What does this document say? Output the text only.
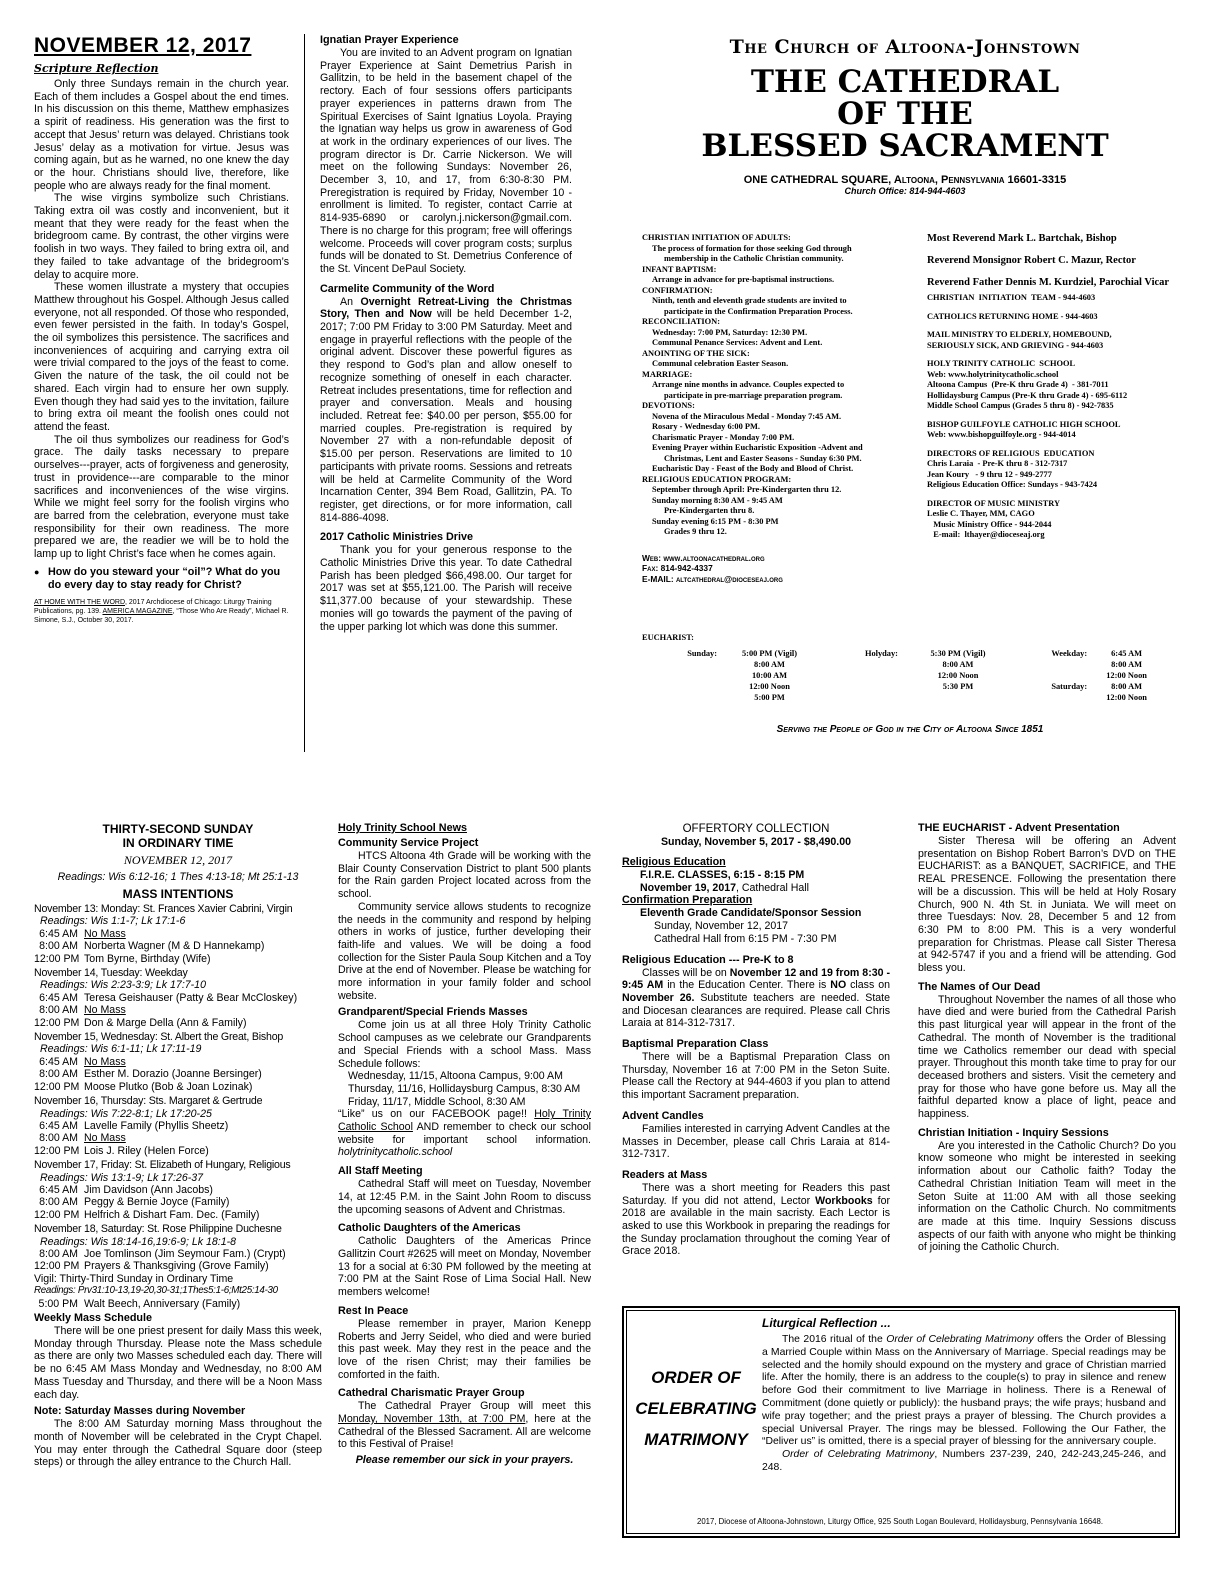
NOVEMBER 12, 2017
Scripture Reflection

Only three Sundays remain in the church year. Each of them includes a Gospel about the end times. In his discussion on this theme, Matthew emphasizes a spirit of readiness. His generation was the first to accept that Jesus’ return was delayed. Christians took Jesus’ delay as a motivation for virtue. Jesus was coming again, but as he warned, no one knew the day or the hour. Christians should live, therefore, like people who are always ready for the final moment.

The wise virgins symbolize such Christians. Taking extra oil was costly and inconvenient, but it meant that they were ready for the feast when the bridegroom came. By contrast, the other virgins were foolish in two ways. They failed to bring extra oil, and they failed to take advantage of the bridegroom’s delay to acquire more.

These women illustrate a mystery that occupies Matthew throughout his Gospel. Although Jesus called everyone, not all responded. Of those who responded, even fewer persisted in the faith. In today’s Gospel, the oil symbolizes this persistence. The sacrifices and inconveniences of acquiring and carrying extra oil were trivial compared to the joys of the feast to come. Given the nature of the task, the oil could not be shared. Each virgin had to ensure her own supply. Even though they had said yes to the invitation, failure to bring extra oil meant the foolish ones could not attend the feast.

The oil thus symbolizes our readiness for God’s grace. The daily tasks necessary to prepare ourselves---prayer, acts of forgiveness and generosity, trust in providence---are comparable to the minor sacrifices and inconveniences of the wise virgins. While we might feel sorry for the foolish virgins who are barred from the celebration, everyone must take responsibility for their own readiness. The more prepared we are, the readier we will be to hold the lamp up to light Christ’s face when he comes again.

● How do you steward your “oil”? What do you do every day to stay ready for Christ?
AT HOME WITH THE WORD, 2017 Archdiocese of Chicago: Liturgy Training Publications, pg. 139. AMERICA MAGAZINE, “Those Who Are Ready”, Michael R. Simone, S.J., October 30, 2017.
Ignatian Prayer Experience

You are invited to an Advent program on Ignatian Prayer Experience at Saint Demetrius Parish in Gallitzin, to be held in the basement chapel of the rectory. Each of four sessions offers participants prayer experiences in patterns drawn from The Spiritual Exercises of Saint Ignatius Loyola. Praying the Ignatian way helps us grow in awareness of God at work in the ordinary experiences of our lives. The program director is Dr. Carrie Nickerson. We will meet on the following Sundays: November 26, December 3, 10, and 17, from 6:30-8:30 PM. Preregistration is required by Friday, November 10 - enrollment is limited. To register, contact Carrie at 814-935-6890 or carolyn.j.nickerson@gmail.com. There is no charge for this program; free will offerings welcome. Proceeds will cover program costs; surplus funds will be donated to St. Demetrius Conference of the St. Vincent DePaul Society.

Carmelite Community of the Word

An Overnight Retreat-Living the Christmas Story, Then and Now will be held December 1-2, 2017; 7:00 PM Friday to 3:00 PM Saturday. Meet and engage in prayerful reflections with the people of the original advent. Discover these powerful figures as they respond to God’s plan and allow oneself to recognize something of oneself in each character. Retreat includes presentations, time for reflection and prayer and conversation. Meals and housing included. Retreat fee: $40.00 per person, $55.00 for married couples. Pre-registration is required by November 27 with a non-refundable deposit of $15.00 per person. Reservations are limited to 10 participants with private rooms. Sessions and retreats will be held at Carmelite Community of the Word Incarnation Center, 394 Bem Road, Gallitzin, PA. To register, get directions, or for more information, call 814-886-4098.

2017 Catholic Ministries Drive

Thank you for your generous response to the Catholic Ministries Drive this year. To date Cathedral Parish has been pledged $66,498.00. Our target for 2017 was set at $55,121.00. The Parish will receive $11,377.00 because of your stewardship. These monies will go towards the payment of the paving of the upper parking lot which was done this summer.

The Church of Altoona-Johnstown
THE CATHEDRAL
OF THE
BLESSED SACRAMENT
ONE CATHEDRAL SQUARE, Altoona, Pennsylvania 16601-3315
Church Office: 814-944-4603
CHRISTIAN INITIATION OF ADULTS:
The process of formation for those seeking God through
membership in the Catholic Christian community.
INFANT BAPTISM:
Arrange in advance for pre-baptismal instructions.
CONFIRMATION:
Ninth, tenth and eleventh grade students are invited to
participate in the Confirmation Preparation Process.
RECONCILIATION:
Wednesday: 7:00 PM, Saturday: 12:30 PM.
Communal Penance Services: Advent and Lent.
ANOINTING OF THE SICK:
Communal celebration Easter Season.
MARRIAGE:
Arrange nine months in advance. Couples expected to
participate in pre-marriage preparation program.
DEVOTIONS:
Novena of the Miraculous Medal - Monday 7:45 AM.
Rosary - Wednesday 6:00 PM.
Charismatic Prayer - Monday 7:00 PM.
Evening Prayer within Eucharistic Exposition -Advent and
Christmas, Lent and Easter Seasons - Sunday 6:30 PM.
Eucharistic Day - Feast of the Body and Blood of Christ.
RELIGIOUS EDUCATION PROGRAM:
September through April: Pre-Kindergarten thru 12.
Sunday morning 8:30 AM - 9:45 AM
Pre-Kindergarten thru 8.
Sunday evening 6:15 PM - 8:30 PM
Grades 9 thru 12.
Web: www.altoonacathedral.org
Fax: 814-942-4337
E-MAIL: altcathedral@dioceseaj.org
Most Reverend Mark L. Bartchak, Bishop
Reverend Monsignor Robert C. Mazur, Rector
Reverend Father Dennis M. Kurdziel, Parochial Vicar
CHRISTIAN  INITIATION  TEAM - 944-4603
CATHOLICS RETURNING HOME - 944-4603
MAIL MINISTRY TO ELDERLY, HOMEBOUND,
SERIOUSLY SICK, AND GRIEVING - 944-4603
HOLY TRINITY CATHOLIC  SCHOOL
Web: www.holytrinitycatholic.school
Altoona Campus  (Pre-K thru Grade 4)  - 381-7011
Hollidaysburg Campus (Pre-K thru Grade 4) - 695-6112
Middle School Campus (Grades 5 thru 8) - 942-7835
BISHOP GUILFOYLE CATHOLIC HIGH SCHOOL
Web: www.bishopguilfoyle.org - 944-4014
DIRECTORS OF RELIGIOUS  EDUCATION
Chris Laraia  - Pre-K thru 8 - 312-7317
Jean Koury   - 9 thru 12 - 949-2777
Religious Education Office: Sundays - 943-7424
DIRECTOR OF MUSIC MINISTRY
Leslie C. Thayer, MM, CAGO
Music Ministry Office - 944-2044
E-mail:  lthayer@dioceseaj.org
EUCHARIST:
Sunday:	5:00 PM (Vigil)	Holyday:	5:30 PM (Vigil)	Weekday:	6:45 AM
	8:00 AM		8:00 AM		8:00 AM
	10:00 AM		12:00 Noon		12:00 Noon
	12:00 Noon		5:30 PM	Saturday:	8:00 AM
	5:00 PM				12:00 Noon
Serving the People of God in the City of Altoona Since 1851
THIRTY-SECOND SUNDAY
IN ORDINARY TIME
NOVEMBER 12, 2017
Readings: Wis 6:12-16; 1 Thes 4:13-18; Mt 25:1-13
MASS INTENTIONS
November 13: Monday: St. Frances Xavier Cabrini, Virgin
Readings: Wis 1:1-7; Lk 17:1-6
6:45 AM No Mass
8:00 AM Norberta Wagner (M & D Hannekamp)
12:00 PM Tom Byrne, Birthday (Wife)
November 14, Tuesday: Weekday
Readings: Wis 2:23-3:9; Lk 17:7-10
6:45 AM Teresa Geishauser (Patty & Bear McCloskey)
8:00 AM No Mass
12:00 PM Don & Marge Della (Ann & Family)
November 15, Wednesday: St. Albert the Great, Bishop
Readings: Wis 6:1-11; Lk 17:11-19
6:45 AM No Mass
8:00 AM Esther M. Dorazio (Joanne Bersinger)
12:00 PM Moose Plutko (Bob & Joan Lozinak)
November 16, Thursday: Sts. Margaret & Gertrude
Readings: Wis 7:22-8:1; Lk 17:20-25
6:45 AM Lavelle Family (Phyllis Sheetz)
8:00 AM No Mass
12:00 PM Lois J. Riley (Helen Force)
November 17, Friday: St. Elizabeth of Hungary, Religious
Readings: Wis 13:1-9; Lk 17:26-37
6:45 AM Jim Davidson (Ann Jacobs)
8:00 AM Peggy & Bernie Joyce (Family)
12:00 PM Helfrich & Dishart Fam. Dec. (Family)
November 18, Saturday: St. Rose Philippine Duchesne
Readings: Wis 18:14-16,19:6-9; Lk 18:1-8
8:00 AM Joe Tomlinson (Jim Seymour Fam.) (Crypt)
12:00 PM Prayers & Thanksgiving (Grove Family)
Vigil: Thirty-Third Sunday in Ordinary Time
Readings: Prv31:10-13,19-20,30-31;1Thes5:1-6;Mt25:14-30
5:00 PM Walt Beech, Anniversary (Family)
Weekly Mass Schedule

There will be one priest present for daily Mass this week, Monday through Thursday. Please note the Mass schedule as there are only two Masses scheduled each day. There will be no 6:45 AM Mass Monday and Wednesday, no 8:00 AM Mass Tuesday and Thursday, and there will be a Noon Mass each day.

Note: Saturday Masses during November

The 8:00 AM Saturday morning Mass throughout the month of November will be celebrated in the Crypt Chapel. You may enter through the Cathedral Square door (steep steps) or through the alley entrance to the Church Hall.

Holy Trinity School News
Community Service Project

HTCS Altoona 4th Grade will be working with the Blair County Conservation District to plant 500 plants for the Rain garden Project located across from the school.

Community service allows students to recognize the needs in the community and respond by helping others in works of justice, further developing their faith-life and values. We will be doing a food collection for the Sister Paula Soup Kitchen and a Toy Drive at the end of November. Please be watching for more information in your family folder and school website.

Grandparent/Special Friends Masses

Come join us at all three Holy Trinity Catholic School campuses as we celebrate our Grandparents and Special Friends with a school Mass. Mass Schedule follows:

Wednesday, 11/15, Altoona Campus, 9:00 AM
Thursday, 11/16, Hollidaysburg Campus, 8:30 AM
Friday, 11/17, Middle School, 8:30 AM

“Like” us on our FACEBOOK page!! Holy Trinity Catholic School AND remember to check our school website for important school information. holytrinitycatholic.school

All Staff Meeting

Cathedral Staff will meet on Tuesday, November 14, at 12:45 P.M. in the Saint John Room to discuss the upcoming seasons of Advent and Christmas.

Catholic Daughters of the Americas

Catholic Daughters of the Americas Prince Gallitzin Court #2625 will meet on Monday, November 13 for a social at 6:30 PM followed by the meeting at 7:00 PM at the Saint Rose of Lima Social Hall. New members welcome!

Rest In Peace

Please remember in prayer, Marion Kenepp Roberts and Jerry Seidel, who died and were buried this past week. May they rest in the peace and the love of the risen Christ; may their families be comforted in the faith.

Cathedral Charismatic Prayer Group

The Cathedral Prayer Group will meet this Monday, November 13th, at 7:00 PM, here at the Cathedral of the Blessed Sacrament. All are welcome to this Festival of Praise!

Please remember our sick in your prayers.
OFFERTORY COLLECTION
Sunday, November 5, 2017 - $8,490.00
Religious Education
F.I.R.E. CLASSES, 6:15 - 8:15 PM
November 19, 2017, Cathedral Hall
Confirmation Preparation
Eleventh Grade Candidate/Sponsor Session
Sunday, November 12, 2017
Cathedral Hall from 6:15 PM - 7:30 PM
Religious Education --- Pre-K to 8

Classes will be on November 12 and 19 from 8:30 - 9:45 AM in the Education Center. There is NO class on November 26. Substitute teachers are needed. State and Diocesan clearances are required. Please call Chris Laraia at 814-312-7317.

Baptismal Preparation Class

There will be a Baptismal Preparation Class on Thursday, November 16 at 7:00 PM in the Seton Suite. Please call the Rectory at 944-4603 if you plan to attend this important Sacrament preparation.

Advent Candles

Families interested in carrying Advent Candles at the Masses in December, please call Chris Laraia at 814-312-7317.

Readers at Mass

There was a short meeting for Readers this past Saturday. If you did not attend, Lector Workbooks for 2018 are available in the main sacristy. Each Lector is asked to use this Workbook in preparing the readings for the Sunday proclamation throughout the coming Year of Grace 2018.

THE EUCHARIST - Advent Presentation

Sister Theresa will be offering an Advent presentation on Bishop Robert Barron’s DVD on THE EUCHARIST: as a BANQUET, SACRIFICE, and THE REAL PRESENCE. Following the presentation there will be a discussion. This will be held at Holy Rosary Church, 900 N. 4th St. in Juniata. We will meet on three Tuesdays: Nov. 28, December 5 and 12 from 6:30 PM to 8:00 PM. This is a very wonderful preparation for Christmas. Please call Sister Theresa at 942-5747 if you and a friend will be attending. God bless you.

The Names of Our Dead

Throughout November the names of all those who have died and were buried from the Cathedral Parish this past liturgical year will appear in the front of the Cathedral. The month of November is the traditional time we Catholics remember our dead with special prayer. Throughout this month take time to pray for our deceased brothers and sisters. Visit the cemetery and pray for those who have gone before us. May all the faithful departed know a place of light, peace and happiness.

Christian Initiation - Inquiry Sessions

Are you interested in the Catholic Church? Do you know someone who might be interested in seeking information about our Catholic faith? Today the Cathedral Christian Initiation Team will meet in the Seton Suite at 11:00 AM with all those seeking information on the Catholic Church. No commitments are made at this time. Inquiry Sessions discuss aspects of our faith with anyone who might be thinking of joining the Catholic Church.

ORDER OF
CELEBRATING
MATRIMONY
Liturgical Reflection ...

The 2016 ritual of the Order of Celebrating Matrimony offers the Order of Blessing a Married Couple within Mass on the Anniversary of Marriage. Special readings may be selected and the homily should expound on the mystery and grace of Christian married life. After the homily, there is an address to the couple(s) to pray in silence and renew before God their commitment to live Marriage in holiness. There is a Renewal of Commitment (done quietly or publicly): the husband prays; the wife prays; husband and wife pray together; and the priest prays a prayer of blessing. The Church provides a special Universal Prayer. The rings may be blessed. Following the Our Father, the “Deliver us” is omitted, there is a special prayer of blessing for the anniversary couple.

Order of Celebrating Matrimony, Numbers 237-239, 240, 242-243,245-246, and 248.

2017, Diocese of Altoona-Johnstown, Liturgy Office, 925 South Logan Boulevard, Hollidaysburg, Pennsylvania 16648.
